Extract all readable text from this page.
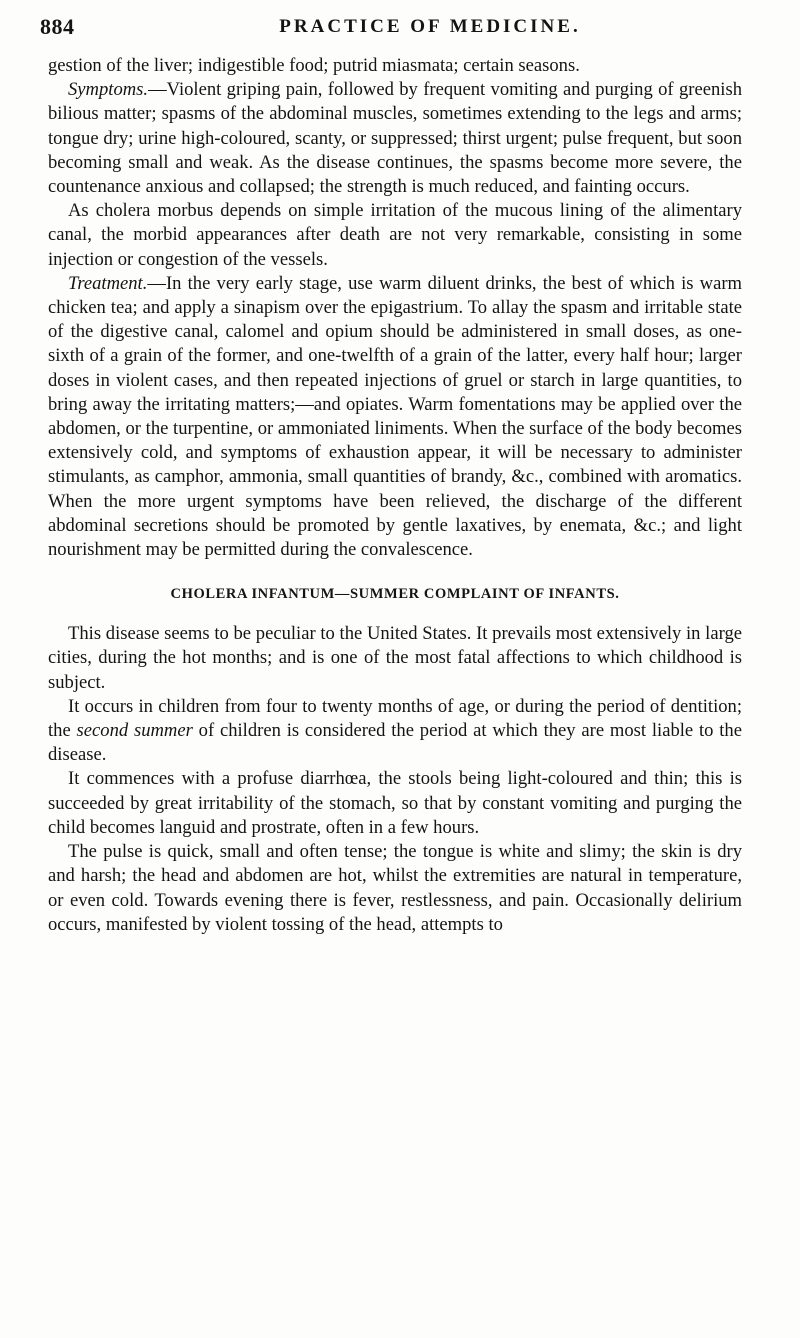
884	PRACTICE OF MEDICINE.

gestion of the liver; indigestible food; putrid miasmata; certain seasons.

Symptoms.—Violent griping pain, followed by frequent vomiting and purging of greenish bilious matter; spasms of the abdominal muscles, sometimes extending to the legs and arms; tongue dry; urine high-coloured, scanty, or suppressed; thirst urgent; pulse frequent, but soon becoming small and weak. As the disease continues, the spasms become more severe, the countenance anxious and collapsed; the strength is much reduced, and fainting occurs.

As cholera morbus depends on simple irritation of the mucous lining of the alimentary canal, the morbid appearances after death are not very remarkable, consisting in some injection or congestion of the vessels.

Treatment.—In the very early stage, use warm diluent drinks, the best of which is warm chicken tea; and apply a sinapism over the epigastrium. To allay the spasm and irritable state of the digestive canal, calomel and opium should be administered in small doses, as one-sixth of a grain of the former, and one-twelfth of a grain of the latter, every half hour; larger doses in violent cases, and then repeated injections of gruel or starch in large quantities, to bring away the irritating matters;—and opiates. Warm fomentations may be applied over the abdomen, or the turpentine, or ammoniated liniments. When the surface of the body becomes extensively cold, and symptoms of exhaustion appear, it will be necessary to administer stimulants, as camphor, ammonia, small quantities of brandy, &c., combined with aromatics. When the more urgent symptoms have been relieved, the discharge of the different abdominal secretions should be promoted by gentle laxatives, by enemata, &c.; and light nourishment may be permitted during the convalescence.

CHOLERA INFANTUM—SUMMER COMPLAINT OF INFANTS.

This disease seems to be peculiar to the United States. It prevails most extensively in large cities, during the hot months; and is one of the most fatal affections to which childhood is subject.

It occurs in children from four to twenty months of age, or during the period of dentition; the second summer of children is considered the period at which they are most liable to the disease.

It commences with a profuse diarrhœa, the stools being light-coloured and thin; this is succeeded by great irritability of the stomach, so that by constant vomiting and purging the child becomes languid and prostrate, often in a few hours.

The pulse is quick, small and often tense; the tongue is white and slimy; the skin is dry and harsh; the head and abdomen are hot, whilst the extremities are natural in temperature, or even cold. Towards evening there is fever, restlessness, and pain. Occasionally delirium occurs, manifested by violent tossing of the head, attempts to
